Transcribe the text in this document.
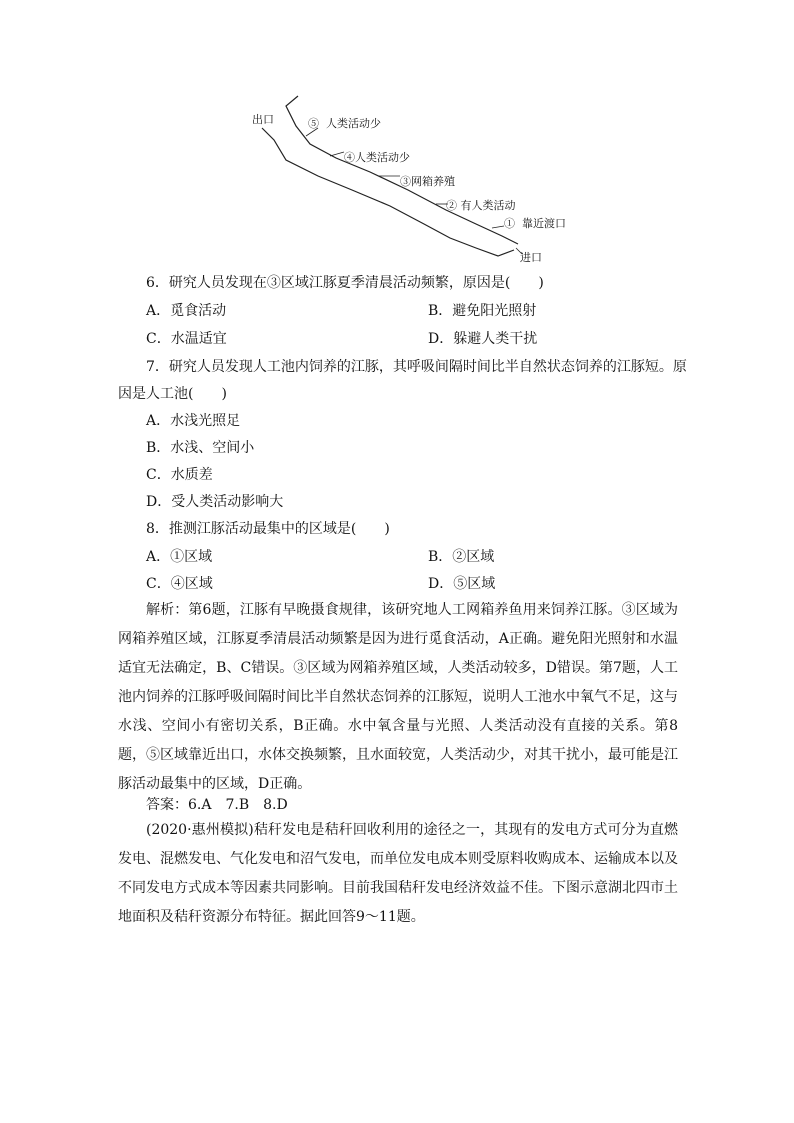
出口	⑤ 人类活动少
④人类活动少
③网箱养殖
② 有人类活动
① 靠近渡口
进口
6．研究人员发现在③区域江豚夏季清晨活动频繁，原因是(　　)
A．觅食活动	B．避免阳光照射
C．水温适宜	D．躲避人类干扰
7．研究人员发现人工池内饲养的江豚，其呼吸间隔时间比半自然状态饲养的江豚短。原
因是人工池(　　)
A．水浅光照足
B．水浅、空间小
C．水质差
D．受人类活动影响大
8．推测江豚活动最集中的区域是(　　)
A．①区域	B．②区域
C．④区域	D．⑤区域

解析：第6题，江豚有早晚摄食规律，该研究地人工网箱养鱼用来饲养江豚。③区域为网箱养殖区域，江豚夏季清晨活动频繁是因为进行觅食活动，A正确。避免阳光照射和水温适宜无法确定，B、C错误。③区域为网箱养殖区域，人类活动较多，D错误。第7题，人工池内饲养的江豚呼吸间隔时间比半自然状态饲养的江豚短，说明人工池水中氧气不足，这与水浅、空间小有密切关系，B正确。水中氧含量与光照、人类活动没有直接的关系。第8题，⑤区域靠近出口，水体交换频繁，且水面较宽，人类活动少，对其干扰小，最可能是江豚活动最集中的区域，D正确。

答案：6.A　7.B　8.D

(2020·惠州模拟)秸秆发电是秸秆回收利用的途径之一，其现有的发电方式可分为直燃发电、混燃发电、气化发电和沼气发电，而单位发电成本则受原料收购成本、运输成本以及不同发电方式成本等因素共同影响。目前我国秸秆发电经济效益不佳。下图示意湖北四市土地面积及秸秆资源分布特征。据此回答9～11题。
